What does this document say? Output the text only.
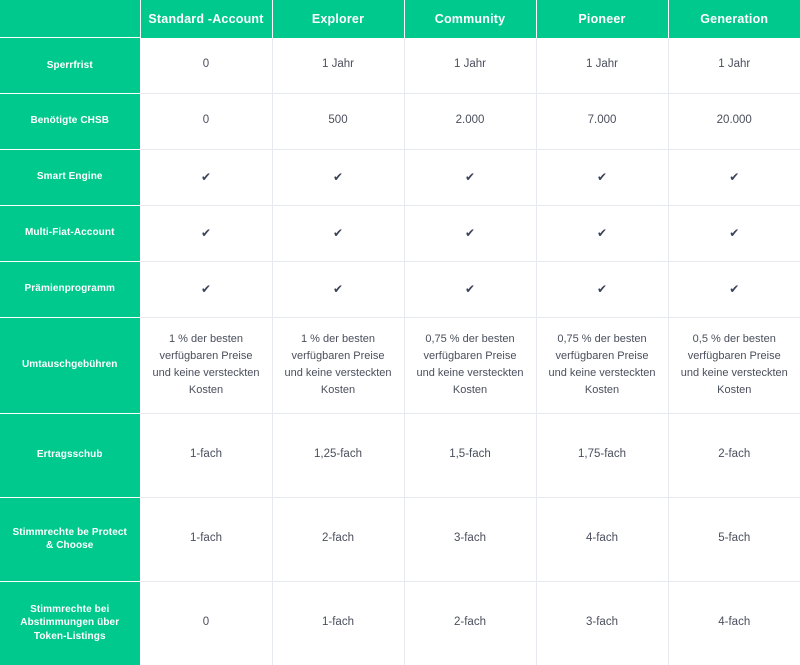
	Standard -Account	Explorer	Community	Pioneer	Generation
Sperrfrist	0	1 Jahr	1 Jahr	1 Jahr	1 Jahr
Benötigte CHSB	0	500	2.000	7.000	20.000
Smart Engine	✔	✔	✔	✔	✔
Multi-Fiat-Account	✔	✔	✔	✔	✔
Prämienprogramm	✔	✔	✔	✔	✔
Umtauschgebühren	1 % der besten verfügbaren Preise und keine versteckten Kosten	1 % der besten verfügbaren Preise und keine versteckten Kosten	0,75 % der besten verfügbaren Preise und keine versteckten Kosten	0,75 % der besten verfügbaren Preise und keine versteckten Kosten	0,5 % der besten verfügbaren Preise und keine versteckten Kosten
Ertragsschub	1-fach	1,25-fach	1,5-fach	1,75-fach	2-fach
Stimmrechte be Protect & Choose	1-fach	2-fach	3-fach	4-fach	5-fach
Stimmrechte bei Abstimmungen über Token-Listings	0	1-fach	2-fach	3-fach	4-fach
